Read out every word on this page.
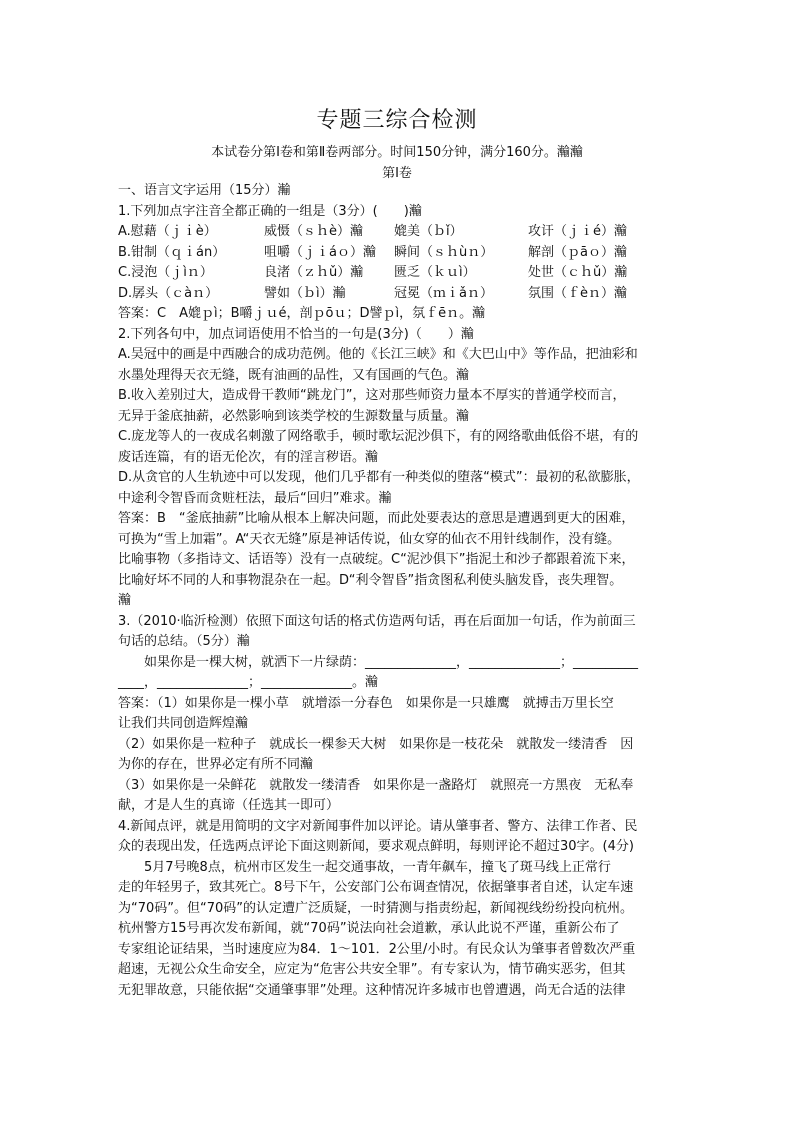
专题三综合检测
本试卷分第Ⅰ卷和第Ⅱ卷两部分。时间150分钟，满分160分。瀭瀭
第Ⅰ卷
一、语言文字运用（15分）瀭
1.下列加点字注音全都正确的一组是（3分）(　　)瀭
A.慰藉（ｊｉè）	威慑（ｓｈè）瀭	媲美（ｂǐ）	攻讦（ｊｉé）瀭
B.钳制（ｑｉán）	咀嚼（ｊｉáｏ）瀭	瞬间（ｓｈùｎ）	解剖（ｐāｏ）瀭
C.浸泡（ｊìｎ）	良渚（ｚｈǔ）瀭	匮乏（ｋｕì）	处世（ｃｈǔ）瀭
D.孱头（ｃàｎ）	譬如（ｂì）瀭	冠冕（ｍｉǎｎ）	氛围（ｆèｎ）瀭
答案：C　A媲ｐì；B嚼ｊｕé，剖ｐōｕ；D譬ｐì，氛ｆēｎ。瀭
2.下列各句中，加点词语使用不恰当的一句是(3分)（　　）瀭
A.吴冠中的画是中西融合的成功范例。他的《长江三峡》和《大巴山中》等作品，把油彩和
水墨处理得天衣无缝，既有油画的品性，又有国画的气色。瀭
B.收入差别过大，造成骨干教师“跳龙门”，这对那些师资力量本不厚实的普通学校而言，
无异于釜底抽薪，必然影响到该类学校的生源数量与质量。瀭
C.庞龙等人的一夜成名刺激了网络歌手，顿时歌坛泥沙俱下，有的网络歌曲低俗不堪，有的
废话连篇，有的语无伦次，有的淫言秽语。瀭
D.从贪官的人生轨迹中可以发现，他们几乎都有一种类似的堕落“模式”：最初的私欲膨胀，
中途利令智昏而贪赃枉法，最后“回归”难求。瀭
答案：B　“釜底抽薪”比喻从根本上解决问题，而此处要表达的意思是遭遇到更大的困难，
可换为“雪上加霜”。A“天衣无缝”原是神话传说，仙女穿的仙衣不用针线制作，没有缝。
比喻事物（多指诗文、话语等）没有一点破绽。C“泥沙俱下”指泥土和沙子都跟着流下来，
比喻好坏不同的人和事物混杂在一起。D“利令智昏”指贪图私利使头脑发昏，丧失理智。
瀭
3.（2010·临沂检测）依照下面这句话的格式仿造两句话，再在后面加一句话，作为前面三
句话的总结。（5分）瀭
如果你是一棵大树，就洒下一片绿荫：______________，______________；__________
____，______________；______________。瀭
答案：（1）如果你是一棵小草　就增添一分春色　如果你是一只雄鹰　就搏击万里长空
让我们共同创造辉煌瀭
（2）如果你是一粒种子　就成长一棵参天大树　如果你是一枝花朵　就散发一缕清香　因
为你的存在，世界必定有所不同瀭
（3）如果你是一朵鲜花　就散发一缕清香　如果你是一盏路灯　就照亮一方黑夜　无私奉
献，才是人生的真谛（任选其一即可）
4.新闻点评，就是用简明的文字对新闻事件加以评论。请从肇事者、警方、法律工作者、民
众的表现出发，任选两点评论下面这则新闻，要求观点鲜明，每则评论不超过30字。(4分)
5月7号晚8点，杭州市区发生一起交通事故，一青年飙车，撞飞了斑马线上正常行
走的年轻男子，致其死亡。8号下午，公安部门公布调查情况，依据肇事者自述，认定车速
为“70码”。但“70码”的认定遭广泛质疑，一时猜测与指责纷起，新闻视线纷纷投向杭州。
杭州警方15号再次发布新闻，就“70码”说法向社会道歉，承认此说不严谨，重新公布了
专家组论证结果，当时速度应为84．1～101．2公里/小时。有民众认为肇事者曾数次严重
超速，无视公众生命安全，应定为“危害公共安全罪”。有专家认为，情节确实恶劣，但其
无犯罪故意，只能依据“交通肇事罪”处理。这种情况许多城市也曾遭遇，尚无合适的法律
